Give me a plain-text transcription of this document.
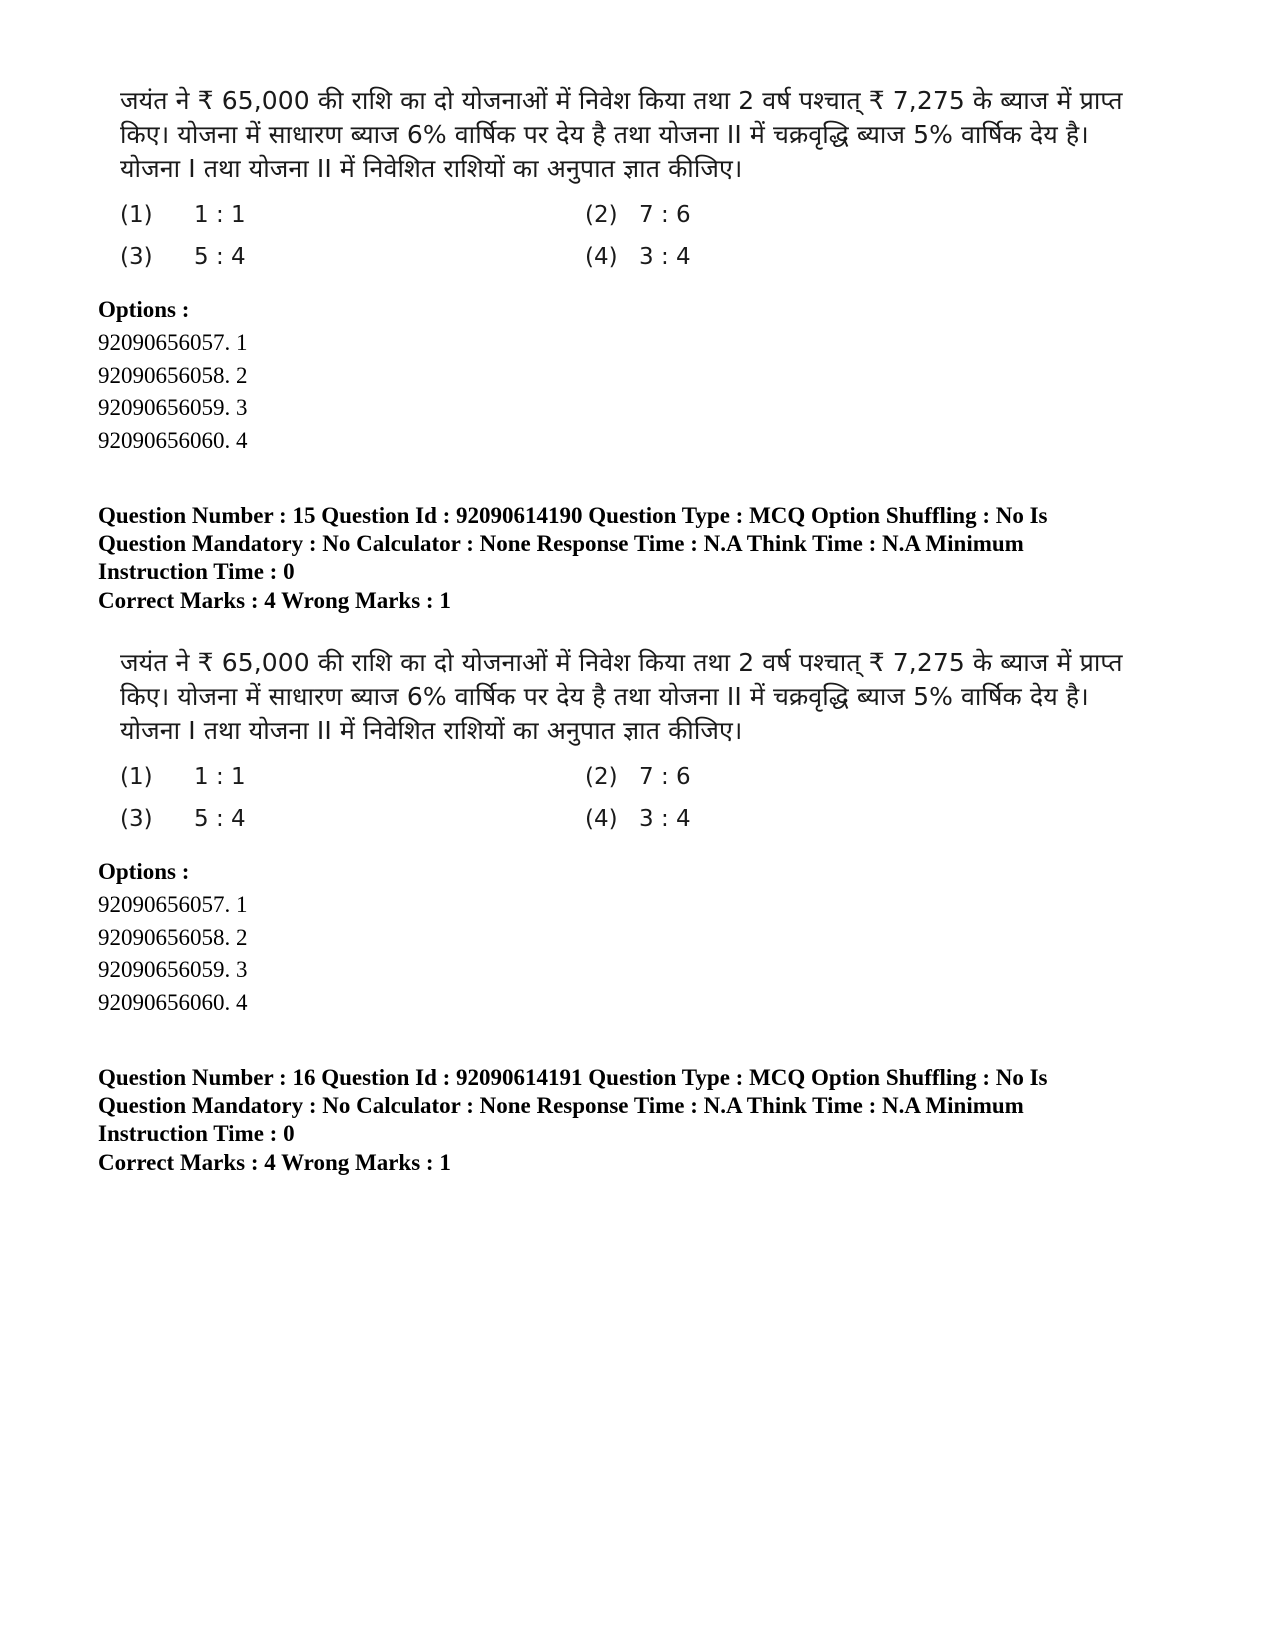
जयंत ने ₹ 65,000 की राशि का दो योजनाओं में निवेश किया तथा 2 वर्ष पश्चात् ₹ 7,275 के ब्याज में प्राप्त
किए। योजना में साधारण ब्याज 6% वार्षिक पर देय है तथा योजना II में चक्रवृद्धि ब्याज 5% वार्षिक देय है।
योजना I तथा योजना II में निवेशित राशियों का अनुपात ज्ञात कीजिए।
(1) 1 : 1	(2) 7 : 6
(3) 5 : 4	(4) 3 : 4
Options :
92090656057. 1
92090656058. 2
92090656059. 3
92090656060. 4
Question Number : 15 Question Id : 92090614190 Question Type : MCQ Option Shuffling : No Is
Question Mandatory : No Calculator : None Response Time : N.A Think Time : N.A Minimum
Instruction Time : 0
Correct Marks : 4 Wrong Marks : 1
जयंत ने ₹ 65,000 की राशि का दो योजनाओं में निवेश किया तथा 2 वर्ष पश्चात् ₹ 7,275 के ब्याज में प्राप्त
किए। योजना में साधारण ब्याज 6% वार्षिक पर देय है तथा योजना II में चक्रवृद्धि ब्याज 5% वार्षिक देय है।
योजना I तथा योजना II में निवेशित राशियों का अनुपात ज्ञात कीजिए।
(1) 1 : 1	(2) 7 : 6
(3) 5 : 4	(4) 3 : 4
Options :
92090656057. 1
92090656058. 2
92090656059. 3
92090656060. 4
Question Number : 16 Question Id : 92090614191 Question Type : MCQ Option Shuffling : No Is
Question Mandatory : No Calculator : None Response Time : N.A Think Time : N.A Minimum
Instruction Time : 0
Correct Marks : 4 Wrong Marks : 1
